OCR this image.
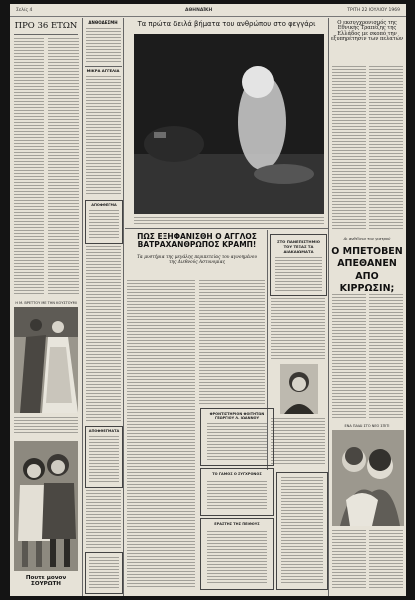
Σελίς 4	ΑΘΗΝΑΪΚΗ	ΤΡΙΤΗ 22 ΙΟΥΛΙΟΥ 1969
ΠΡΟ 36 ΕΤΩΝ
Η Μ. ΒΡΕΤΤΟΥ ΜΕ ΤΗΝ ΚΟΥΣΤΟΥΜΙ
Πουτε μονον ΣΟΥΡΩΤΗ
ΑΝΘΟΔΕΣΜΗ
ΜΙΚΡΑ ΑΓΓΕΛΙΑ
ΑΠΟΦΘΕΓΜΑ
ΑΠΟΦΘΕΓΜΑΤΑ
Τα πρώτα δειλά βήματα του ανθρώπου στο φεγγάρι
ΠΩΣ ΕΞΗΦΑΝΙΣΘΗ Ο ΑΓΓΛΟΣ ΒΑΤΡΑΧΑΝΘΡΩΠΟΣ ΚΡΑΜΠ!
Τα μυστήρια της μεγάλης περιπετείας του αγνοημένου της Διεθνούς Αστυνομίας
ΣΤΟ ΠΑΝΕΠΙΣΤΗΜΙΟ ΤΟΥ ΤΕΞΑΣ ΤΑ ΔΙΑΚΑΙΩΜΑΤΑ
ΦΡΟΝΤΙΣΤΗΡΙΟΝ ΦΟΙΤΗΤΩΝ ΓΕΩΡΓΙΟΥ Λ. ΙΩΑΝΝΟΥ
ΤΟ ΓΑΜΟΣ Ο ΣΥΓΧΡΟΝΟΣ
ΕΡΑΣΤΗΣ ΤΗΣ ΠΕΙΘΟΥΣ
Ο εκσυγχρονισμός της Εθνικής Τραπέζης της Ελλάδος με σκοπό την εξυπηρέτησιν των πελατών
Αι ανθέλεια του γιατρού
Ο ΜΠΕΤΟΒΕΝ ΑΠΕΘΑΝΕΝ ΑΠΟ ΚΙΡΡΩΣΙΝ;
ΕΝΑ ΠΑΙΔΙ ΣΤΟ ΝΕΟ ΣΠΙΤΙ
